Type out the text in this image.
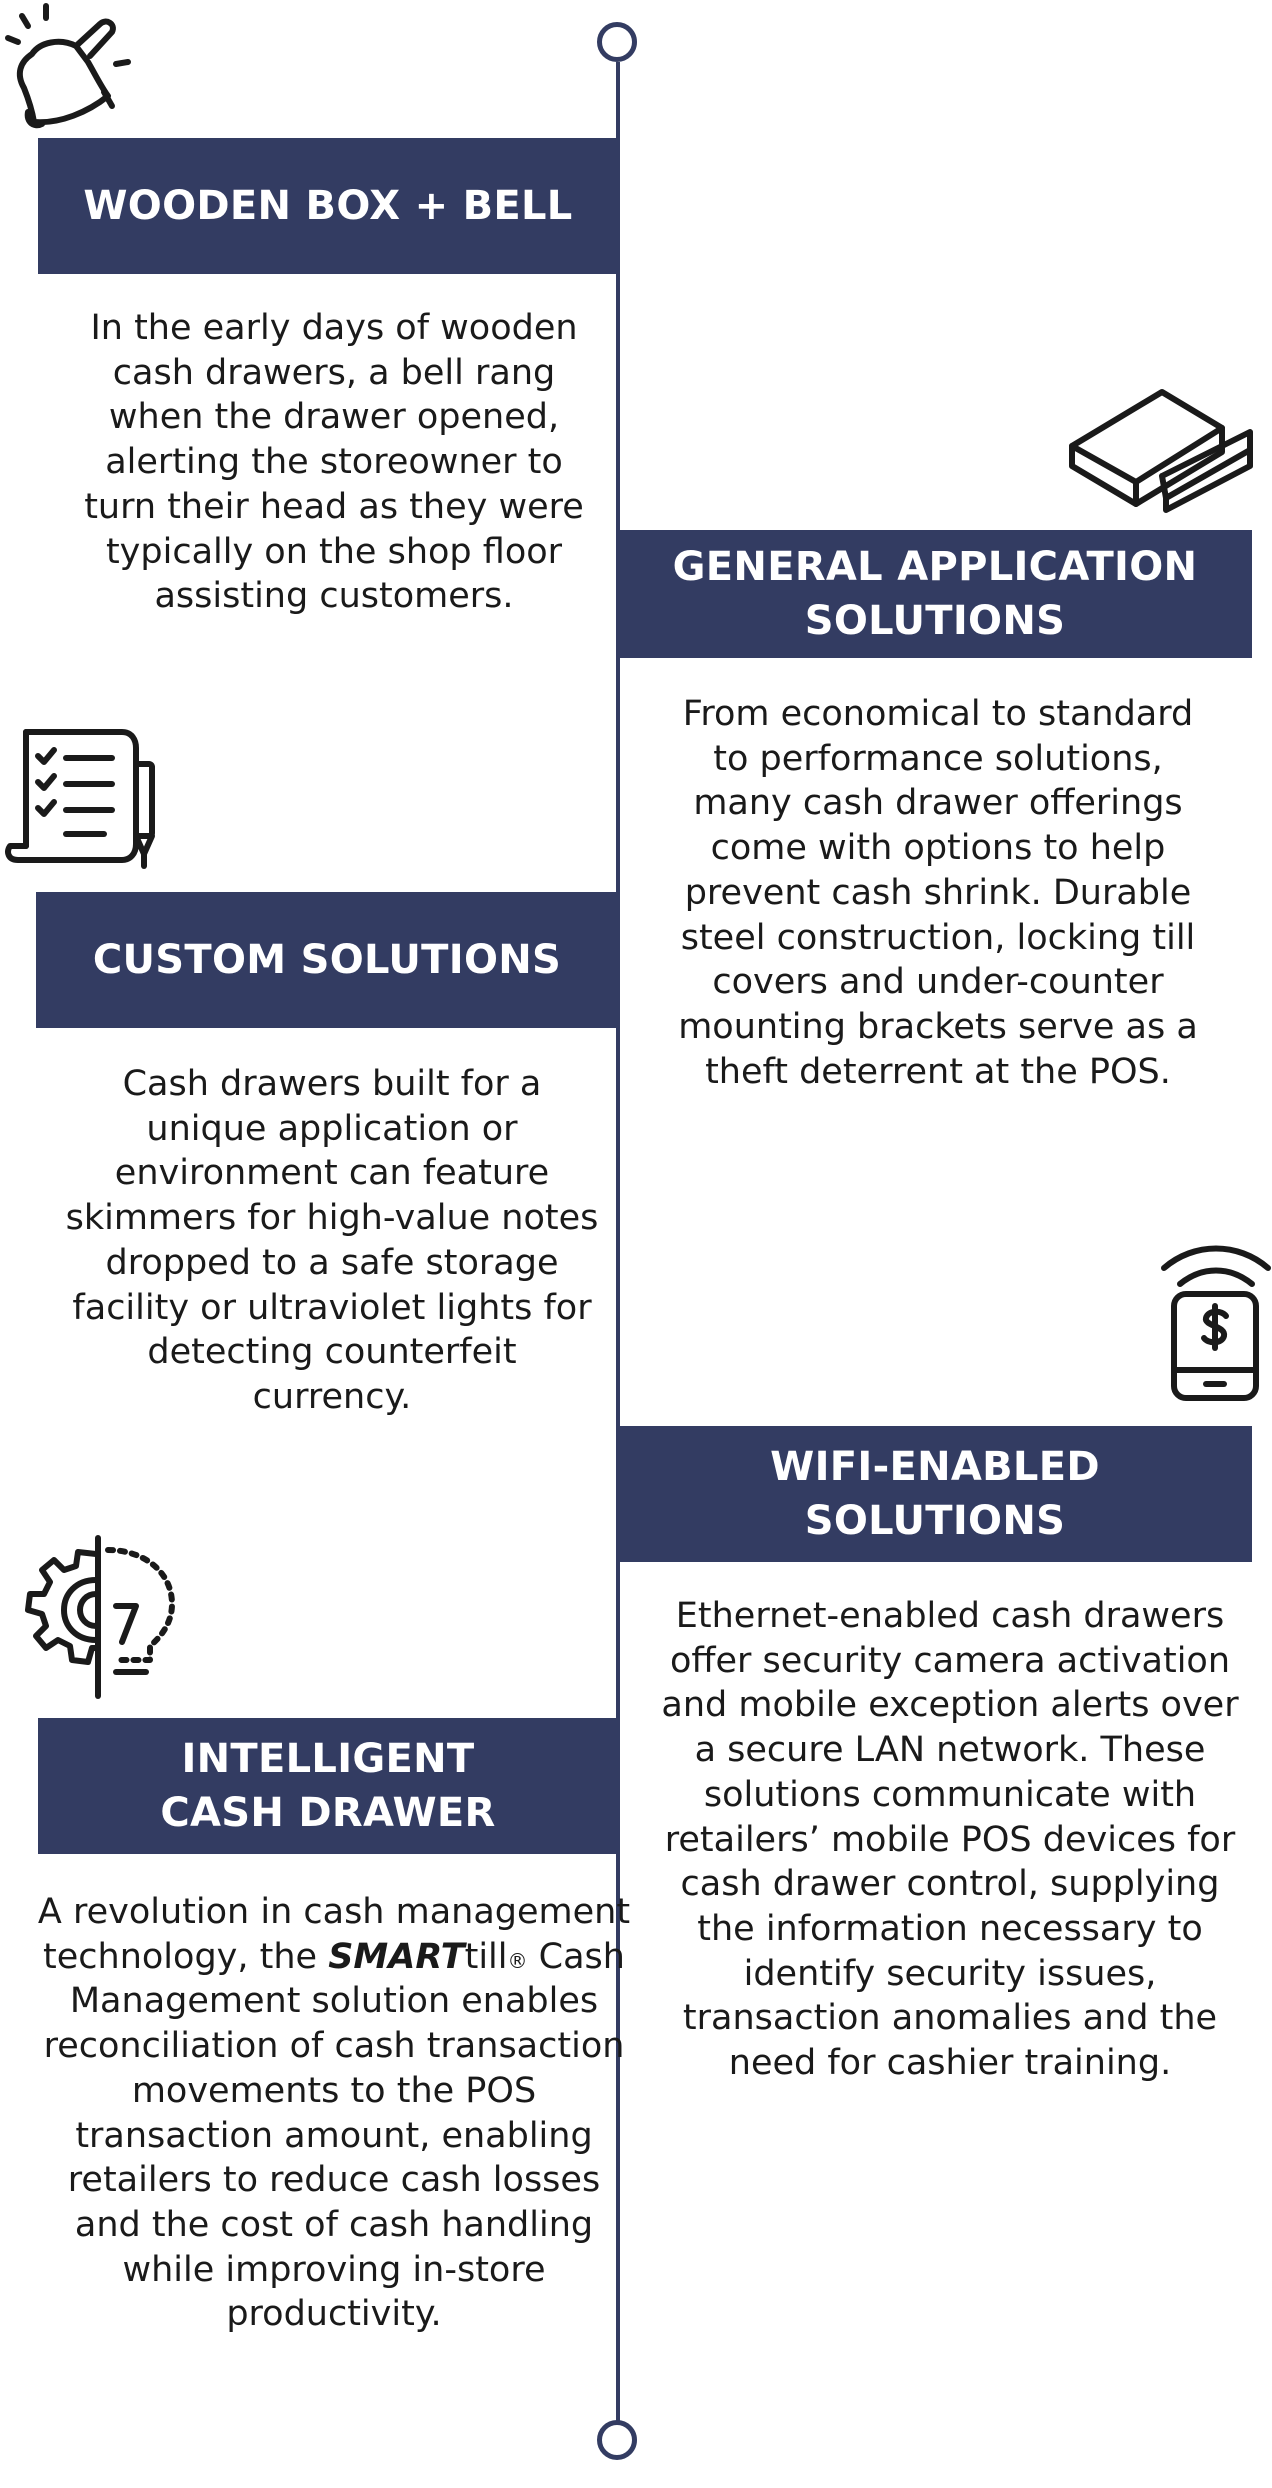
WOODEN BOX + BELL
In the early days of wooden cash drawers, a bell rang when the drawer opened, alerting the storeowner to turn their head as they were typically on the shop floor assisting customers.
GENERAL APPLICATION
SOLUTIONS
From economical to standard to performance solutions, many cash drawer offerings come with options to help prevent cash shrink. Durable steel construction, locking till covers and under-counter mounting brackets serve as a theft deterrent at the POS.
CUSTOM SOLUTIONS
Cash drawers built for a unique application or environment can feature skimmers for high-value notes dropped to a safe storage facility or ultraviolet lights for detecting counterfeit currency.
WIFI-ENABLED
SOLUTIONS
Ethernet-enabled cash drawers offer security camera activation and mobile exception alerts over a secure LAN network. These solutions communicate with retailers’ mobile POS devices for cash drawer control, supplying the information necessary to identify security issues, transaction anomalies and the need for cashier training.
INTELLIGENT
CASH DRAWER
A revolution in cash management technology, the SMARTtill® Cash Management solution enables reconciliation of cash transaction movements to the POS transaction amount, enabling retailers to reduce cash losses and the cost of cash handling while improving in-store productivity.
